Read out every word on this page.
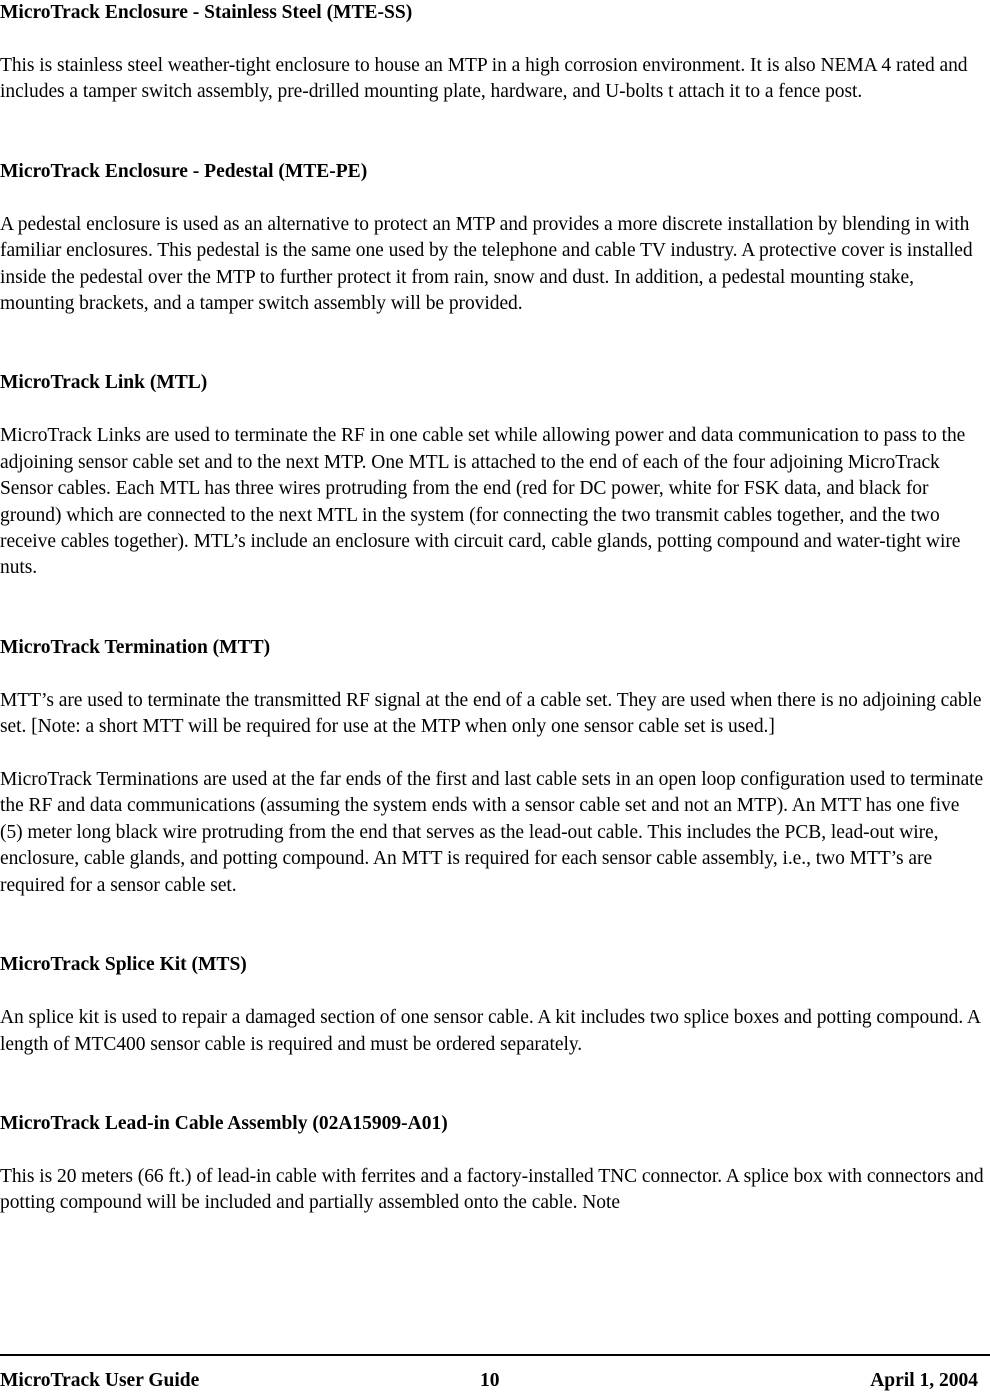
MicroTrack Enclosure - Stainless Steel (MTE-SS)

This is stainless steel weather-tight enclosure to house an MTP in a high corrosion environment. It is also NEMA 4 rated and includes a tamper switch assembly, pre-drilled mounting plate, hardware, and U-bolts t attach it to a fence post.

MicroTrack Enclosure - Pedestal (MTE-PE)

A pedestal enclosure is used as an alternative to protect an MTP and provides a more discrete installation by blending in with familiar enclosures. This pedestal is the same one used by the telephone and cable TV industry. A protective cover is installed inside the pedestal over the MTP to further protect it from rain, snow and dust. In addition, a pedestal mounting stake, mounting brackets, and a tamper switch assembly will be provided.

MicroTrack Link (MTL)

MicroTrack Links are used to terminate the RF in one cable set while allowing power and data communication to pass to the adjoining sensor cable set and to the next MTP. One MTL is attached to the end of each of the four adjoining MicroTrack Sensor cables. Each MTL has three wires protruding from the end (red for DC power, white for FSK data, and black for ground) which are connected to the next MTL in the system (for connecting the two transmit cables together, and the two receive cables together). MTL’s include an enclosure with circuit card, cable glands, potting compound and water-tight wire nuts.

MicroTrack Termination (MTT)

MTT’s are used to terminate the transmitted RF signal at the end of a cable set. They are used when there is no adjoining cable set. [Note: a short MTT will be required for use at the MTP when only one sensor cable set is used.]

MicroTrack Terminations are used at the far ends of the first and last cable sets in an open loop configuration used to terminate the RF and data communications (assuming the system ends with a sensor cable set and not an MTP). An MTT has one five (5) meter long black wire protruding from the end that serves as the lead-out cable. This includes the PCB, lead-out wire, enclosure, cable glands, and potting compound. An MTT is required for each sensor cable assembly, i.e., two MTT’s are required for a sensor cable set.

MicroTrack Splice Kit (MTS)

An splice kit is used to repair a damaged section of one sensor cable. A kit includes two splice boxes and potting compound. A length of MTC400 sensor cable is required and must be ordered separately.

MicroTrack Lead-in Cable Assembly (02A15909-A01)

This is 20 meters (66 ft.) of lead-in cable with ferrites and a factory-installed TNC connector. A splice box with connectors and potting compound will be included and partially assembled onto the cable. Note

MicroTrack User Guide	10	April 1, 2004
